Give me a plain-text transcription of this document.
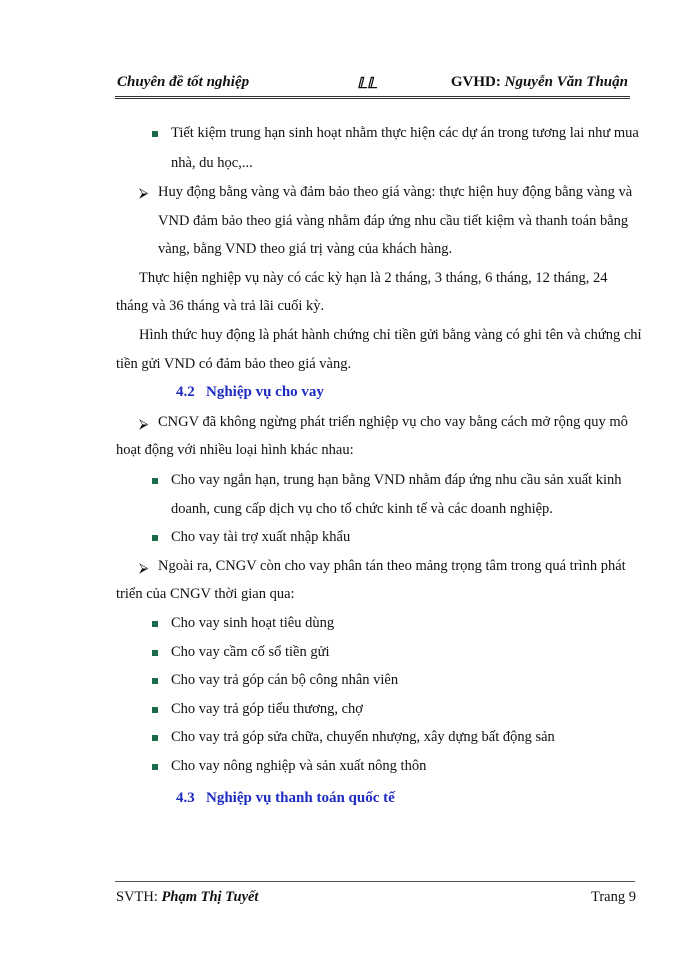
Chuyên đề tốt nghiệp	𝕃𝕃	GVHD: Nguyễn Văn Thuận
Tiết kiệm trung hạn sinh hoạt nhằm thực hiện các dự án trong tương lai như mua
nhà, du học,...
⮚ Huy động bằng vàng và đảm bảo theo giá vàng: thực hiện huy động bằng vàng và
VND đảm bảo theo giá vàng nhằm đáp ứng nhu cầu tiết kiệm và thanh toán bằng
vàng, bằng VND theo giá trị vàng của khách hàng.
Thực hiện nghiệp vụ này có các kỳ hạn là 2 tháng, 3 tháng, 6 tháng, 12 tháng, 24
tháng và 36 tháng và trả lãi cuối kỳ.
Hình thức huy động là phát hành chứng chỉ tiền gửi bằng vàng có ghi tên và chứng chỉ
tiền gửi VND có đảm bảo theo giá vàng.
4.2 Nghiệp vụ cho vay
⮚ CNGV đã không ngừng phát triển nghiệp vụ cho vay bằng cách mở rộng quy mô
hoạt động với nhiều loại hình khác nhau:
Cho vay ngắn hạn, trung hạn bằng VND nhằm đáp ứng nhu cầu sản xuất kinh
doanh, cung cấp dịch vụ cho tổ chức kinh tế và các doanh nghiệp.
Cho vay tài trợ xuất nhập khẩu
⮚ Ngoài ra, CNGV còn cho vay phân tán theo mảng trọng tâm trong quá trình phát
triển của CNGV thời gian qua:
Cho vay sinh hoạt tiêu dùng
Cho vay cầm cố sổ tiền gửi
Cho vay trả góp cán bộ công nhân viên
Cho vay trả góp tiểu thương, chợ
Cho vay trả góp sửa chữa, chuyển nhượng, xây dựng bất động sản
Cho vay nông nghiệp và sản xuất nông thôn
4.3 Nghiệp vụ thanh toán quốc tế
SVTH: Phạm Thị Tuyết	Trang 9
